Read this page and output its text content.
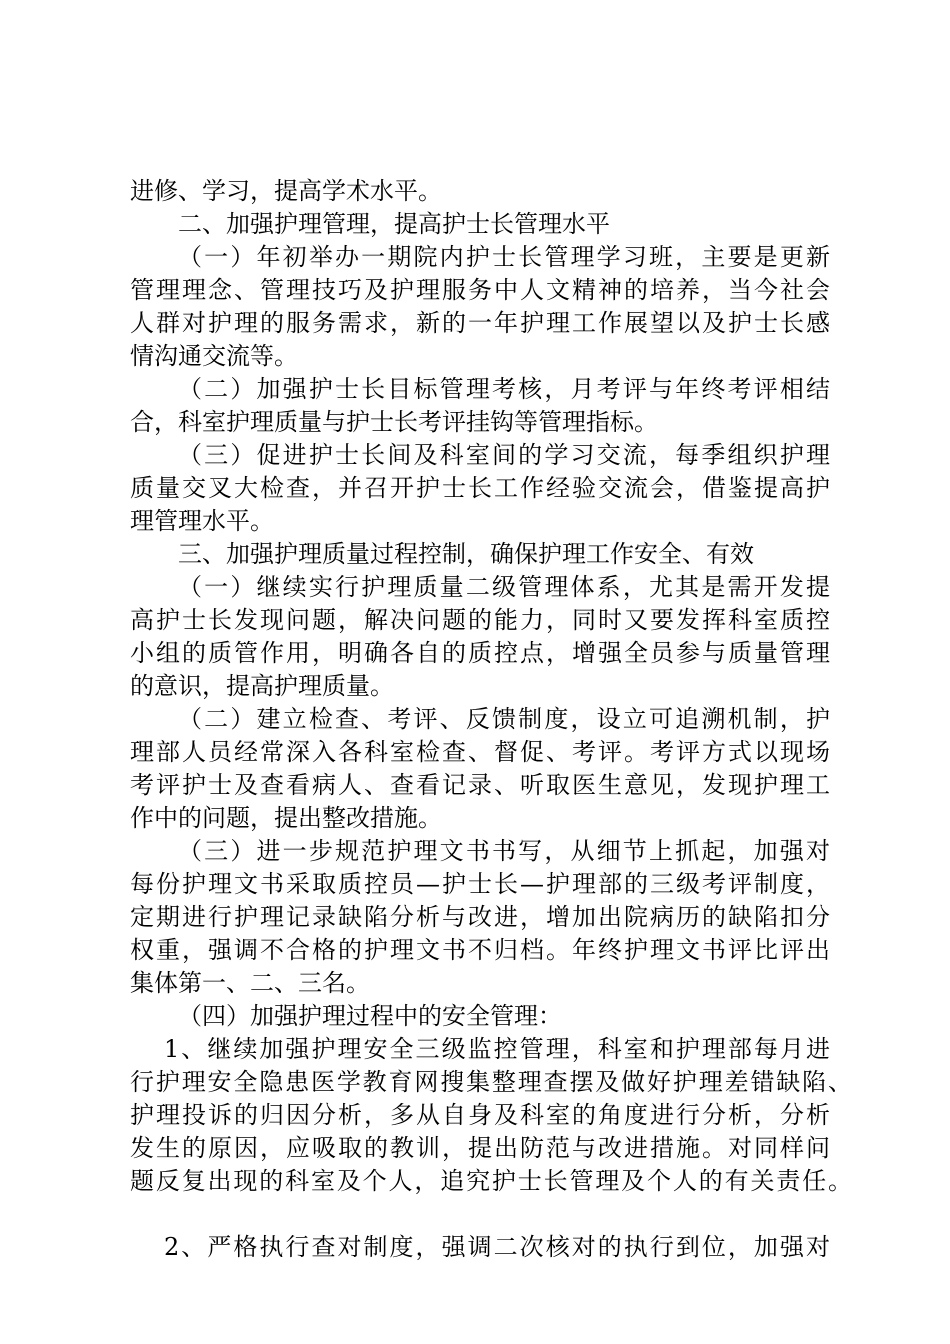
进修、学习，提高学术水平。
二、加强护理管理，提高护士长管理水平
（一）年初举办一期院内护士长管理学习班，主要是更新
管理理念、管理技巧及护理服务中人文精神的培养，当今社会
人群对护理的服务需求，新的一年护理工作展望以及护士长感
情沟通交流等。
（二）加强护士长目标管理考核，月考评与年终考评相结
合，科室护理质量与护士长考评挂钩等管理指标。
（三）促进护士长间及科室间的学习交流，每季组织护理
质量交叉大检查，并召开护士长工作经验交流会，借鉴提高护
理管理水平。
三、加强护理质量过程控制，确保护理工作安全、有效
（一）继续实行护理质量二级管理体系，尤其是需开发提
高护士长发现问题，解决问题的能力，同时又要发挥科室质控
小组的质管作用，明确各自的质控点，增强全员参与质量管理
的意识，提高护理质量。
（二）建立检查、考评、反馈制度，设立可追溯机制，护
理部人员经常深入各科室检查、督促、考评。考评方式以现场
考评护士及查看病人、查看记录、听取医生意见，发现护理工
作中的问题，提出整改措施。
（三）进一步规范护理文书书写，从细节上抓起，加强对
每份护理文书采取质控员—护士长—护理部的三级考评制度，
定期进行护理记录缺陷分析与改进，增加出院病历的缺陷扣分
权重，强调不合格的护理文书不归档。年终护理文书评比评出
集体第一、二、三名。
（四）加强护理过程中的安全管理：
1、继续加强护理安全三级监控管理，科室和护理部每月进
行护理安全隐患医学教育网搜集整理查摆及做好护理差错缺陷、
护理投诉的归因分析，多从自身及科室的角度进行分析，分析
发生的原因，应吸取的教训，提出防范与改进措施。对同样问
题反复出现的科室及个人，追究护士长管理及个人的有关责任。
2、严格执行查对制度，强调二次核对的执行到位，加强对
